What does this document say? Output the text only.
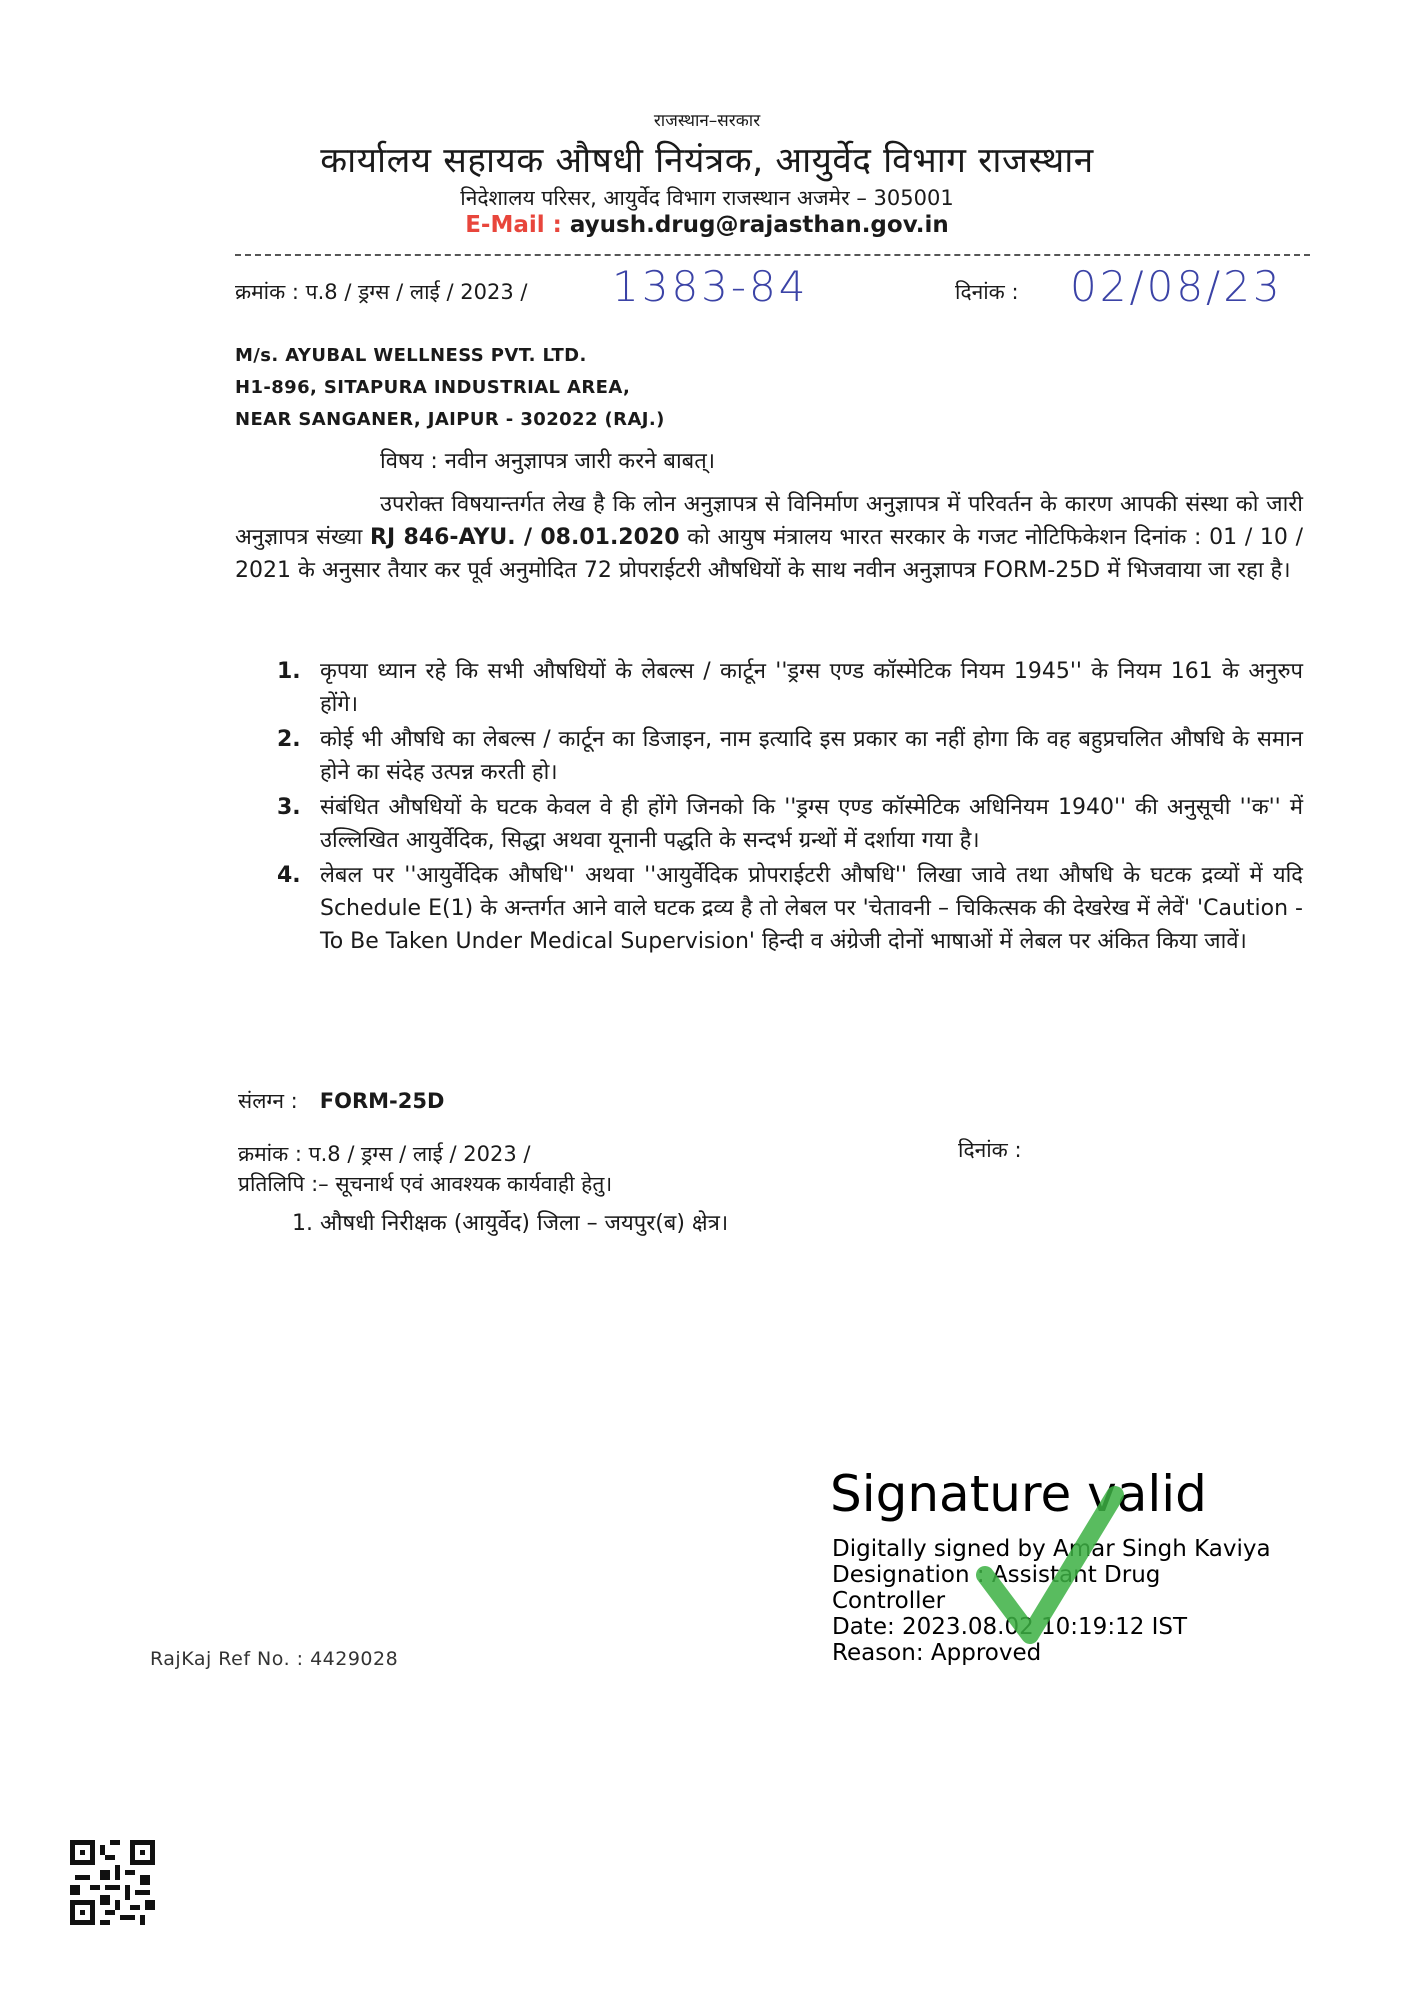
राजस्थान–सरकार
कार्यालय सहायक औषधी नियंत्रक, आयुर्वेद विभाग राजस्थान
निदेशालय परिसर, आयुर्वेद विभाग राजस्थान अजमेर – 305001
E-Mail : ayush.drug@rajasthan.gov.in
क्रमांक : प.8 / ड्रग्स / लाई / 2023 / 1383-84	दिनांक : 02/08/23
M/s. AYUBAL WELLNESS PVT. LTD.
H1-896, SITAPURA INDUSTRIAL AREA,
NEAR SANGANER, JAIPUR - 302022 (RAJ.)
विषय : नवीन अनुज्ञापत्र जारी करने बाबत्।
उपरोक्त विषयान्तर्गत लेख है कि लोन अनुज्ञापत्र से विनिर्माण अनुज्ञापत्र में परिवर्तन के कारण आपकी संस्था को जारी अनुज्ञापत्र संख्या RJ 846-AYU. / 08.01.2020 को आयुष मंत्रालय भारत सरकार के गजट नोटिफिकेशन दिनांक : 01 / 10 / 2021 के अनुसार तैयार कर पूर्व अनुमोदित 72 प्रोपराईटरी औषधियों के साथ नवीन अनुज्ञापत्र FORM-25D में भिजवाया जा रहा है।
1. कृपया ध्यान रहे कि सभी औषधियों के लेबल्स / कार्टून ''ड्रग्स एण्ड कॉस्मेटिक नियम 1945'' के नियम 161 के अनुरुप होंगे।
2. कोई भी औषधि का लेबल्स / कार्टून का डिजाइन, नाम इत्यादि इस प्रकार का नहीं होगा कि वह बहुप्रचलित औषधि के समान होने का संदेह उत्पन्न करती हो।
3. संबंधित औषधियों के घटक केवल वे ही होंगे जिनको कि ''ड्रग्स एण्ड कॉस्मेटिक अधिनियम 1940'' की अनुसूची ''क'' में उल्लिखित आयुर्वेदिक, सिद्धा अथवा यूनानी पद्धति के सन्दर्भ ग्रन्थों में दर्शाया गया है।
4. लेबल पर ''आयुर्वेदिक औषधि'' अथवा ''आयुर्वेदिक प्रोपराईटरी औषधि'' लिखा जावे तथा औषधि के घटक द्रव्यों में यदि Schedule E(1) के अन्तर्गत आने वाले घटक द्रव्य है तो लेबल पर 'चेतावनी – चिकित्सक की देखरेख में लेवें' 'Caution - To Be Taken Under Medical Supervision' हिन्दी व अंग्रेजी दोनों भाषाओं में लेबल पर अंकित किया जावें।
संलग्न : FORM-25D
क्रमांक : प.8 / ड्रग्स / लाई / 2023 /	दिनांक :
प्रतिलिपि :– सूचनार्थ एवं आवश्यक कार्यवाही हेतु।
1. औषधी निरीक्षक (आयुर्वेद) जिला – जयपुर(ब) क्षेत्र।
Signature valid
Digitally signed by Amar Singh Kaviya
Designation : Assistant Drug
Controller
Date: 2023.08.02 10:19:12 IST
Reason: Approved
RajKaj Ref No. : 4429028
